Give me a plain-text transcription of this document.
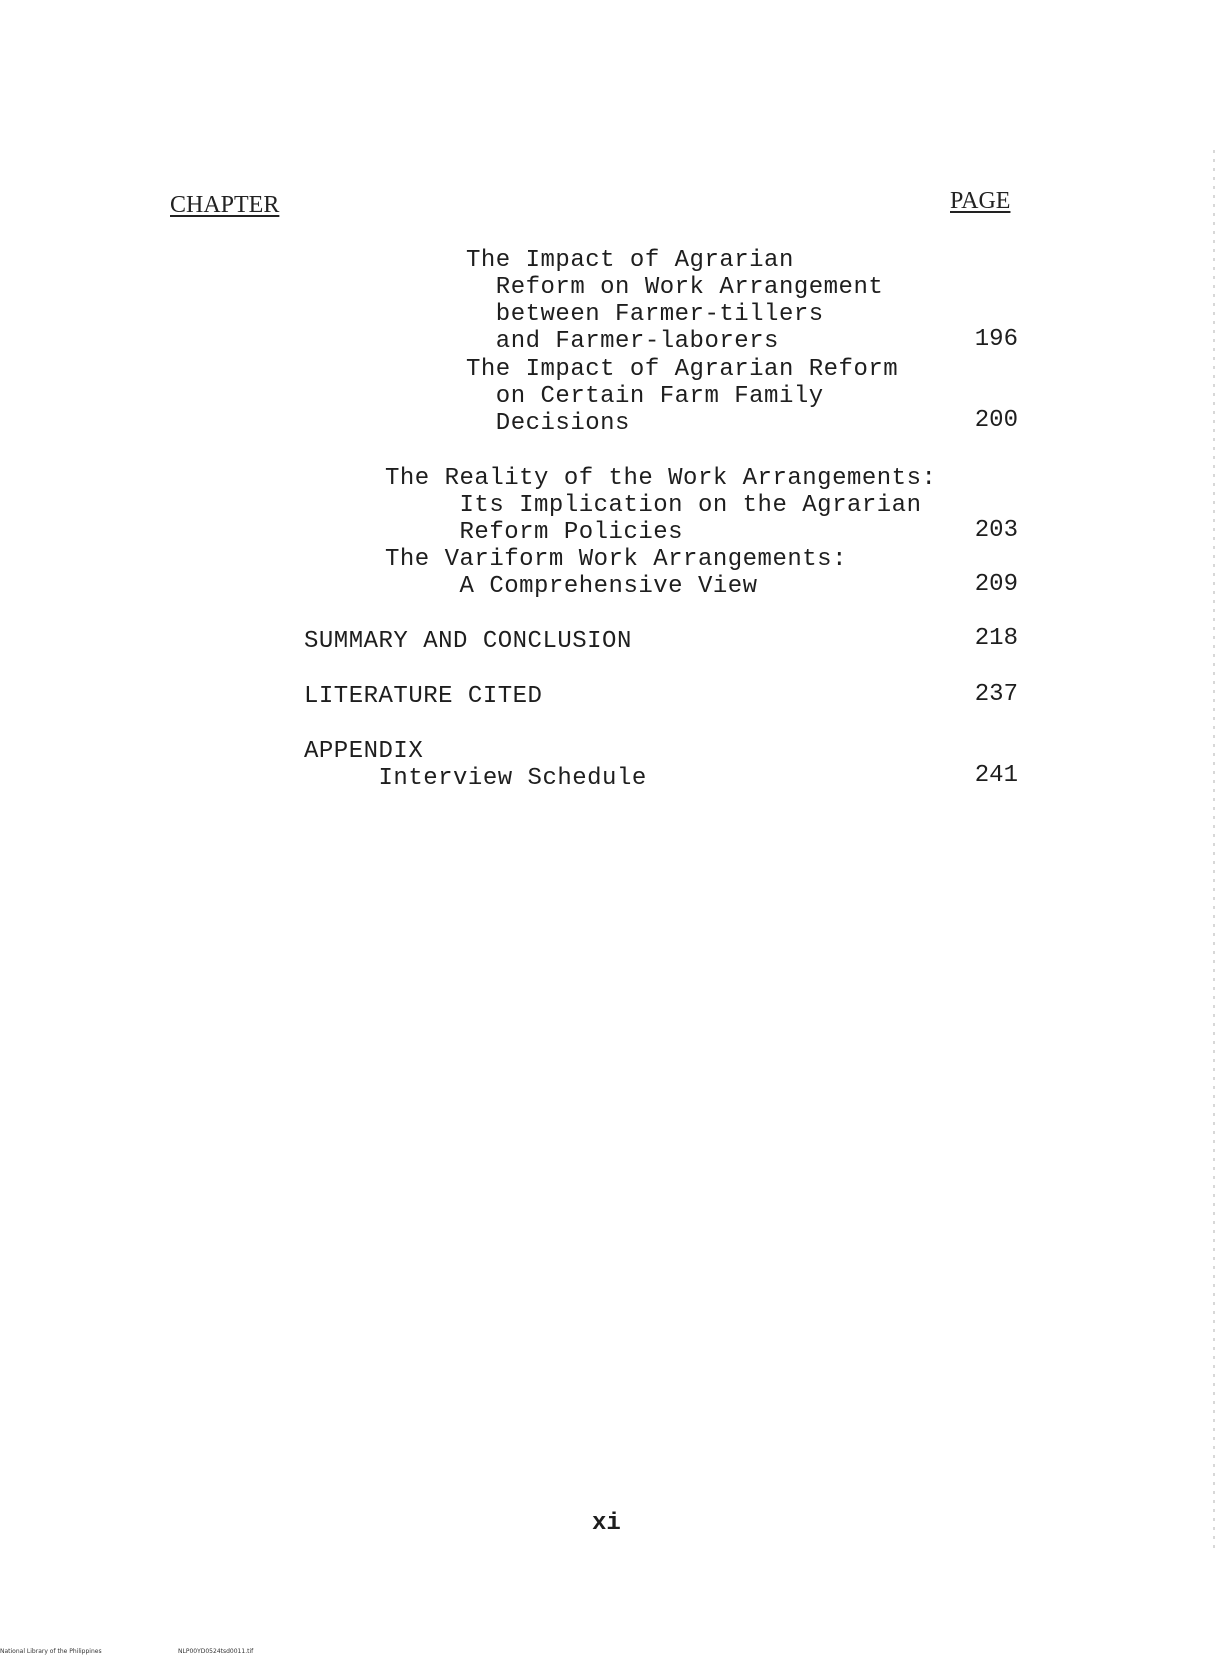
CHAPTER	PAGE
The Impact of Agrarian
Reform on Work Arrangement
between Farmer-tillers
and Farmer-laborers	196
The Impact of Agrarian Reform
on Certain Farm Family
Decisions	200
The Reality of the Work Arrangements:
Its Implication on the Agrarian
Reform Policies	203
The Variform Work Arrangements:
A Comprehensive View	209
SUMMARY AND CONCLUSION	218
LITERATURE CITED	237
APPENDIX
Interview Schedule	241
xi
National Library of the Philippines	NLP00YD0524tsd0011.tif
